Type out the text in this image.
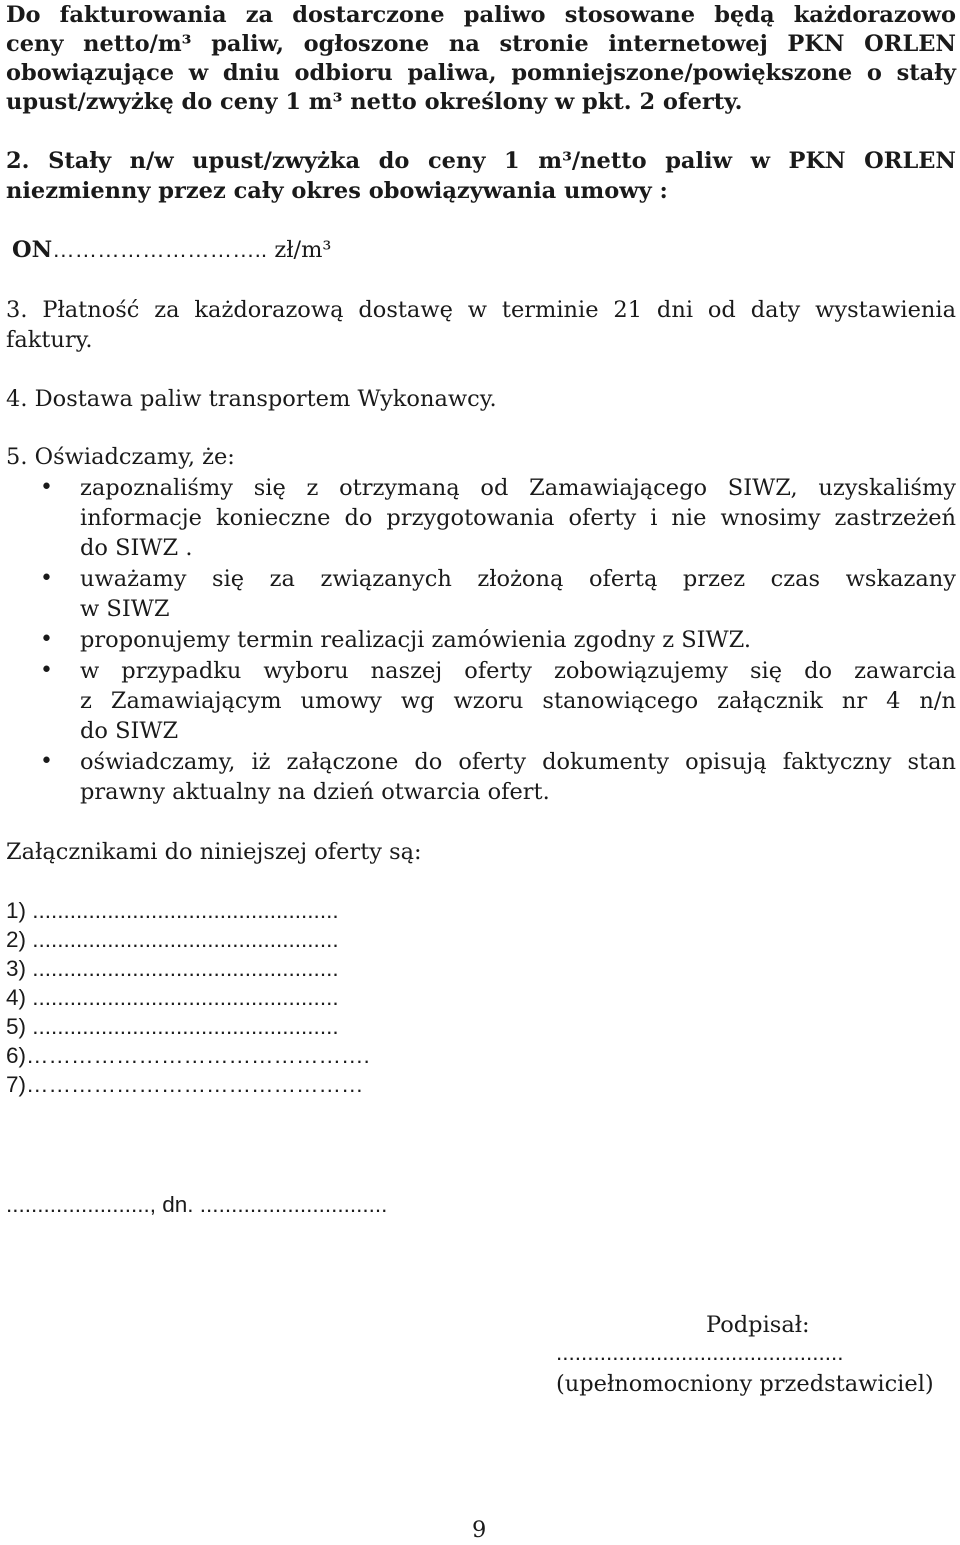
Do fakturowania za dostarczone paliwo stosowane będą każdorazowo
ceny netto/m³ paliw, ogłoszone na stronie internetowej PKN ORLEN
obowiązujące w dniu odbioru paliwa, pomniejszone/powiększone o stały
upust/zwyżkę do ceny 1 m³ netto określony w pkt. 2 oferty.
2. Stały n/w upust/zwyżka do ceny 1 m³/netto paliw w PKN ORLEN
niezmienny przez cały okres obowiązywania umowy :
ON……………………….. zł/m³
3. Płatność za każdorazową dostawę w terminie 21 dni od daty wystawienia
faktury.
4. Dostawa paliw transportem Wykonawcy.
5. Oświadczamy, że:
• zapoznaliśmy się z otrzymaną od Zamawiającego SIWZ, uzyskaliśmy
informacje konieczne do przygotowania oferty i nie wnosimy zastrzeżeń
do SIWZ .
• uważamy się za związanych złożoną ofertą przez czas wskazany
w SIWZ
• proponujemy termin realizacji zamówienia zgodny z SIWZ.
• w przypadku wyboru naszej oferty zobowiązujemy się do zawarcia
z Zamawiającym umowy wg wzoru stanowiącego załącznik nr 4 n/n
do SIWZ
• oświadczamy, iż załączone do oferty dokumenty opisują faktyczny stan
prawny aktualny na dzień otwarcia ofert.
Załącznikami do niniejszej oferty są:
1) .................................................
2) .................................................
3) .................................................
4) .................................................
5) .................................................
6)……………………………………….
7)………………………………………
......................., dn. ..............................
Podpisał:
..............................................
(upełnomocniony przedstawiciel)
9
